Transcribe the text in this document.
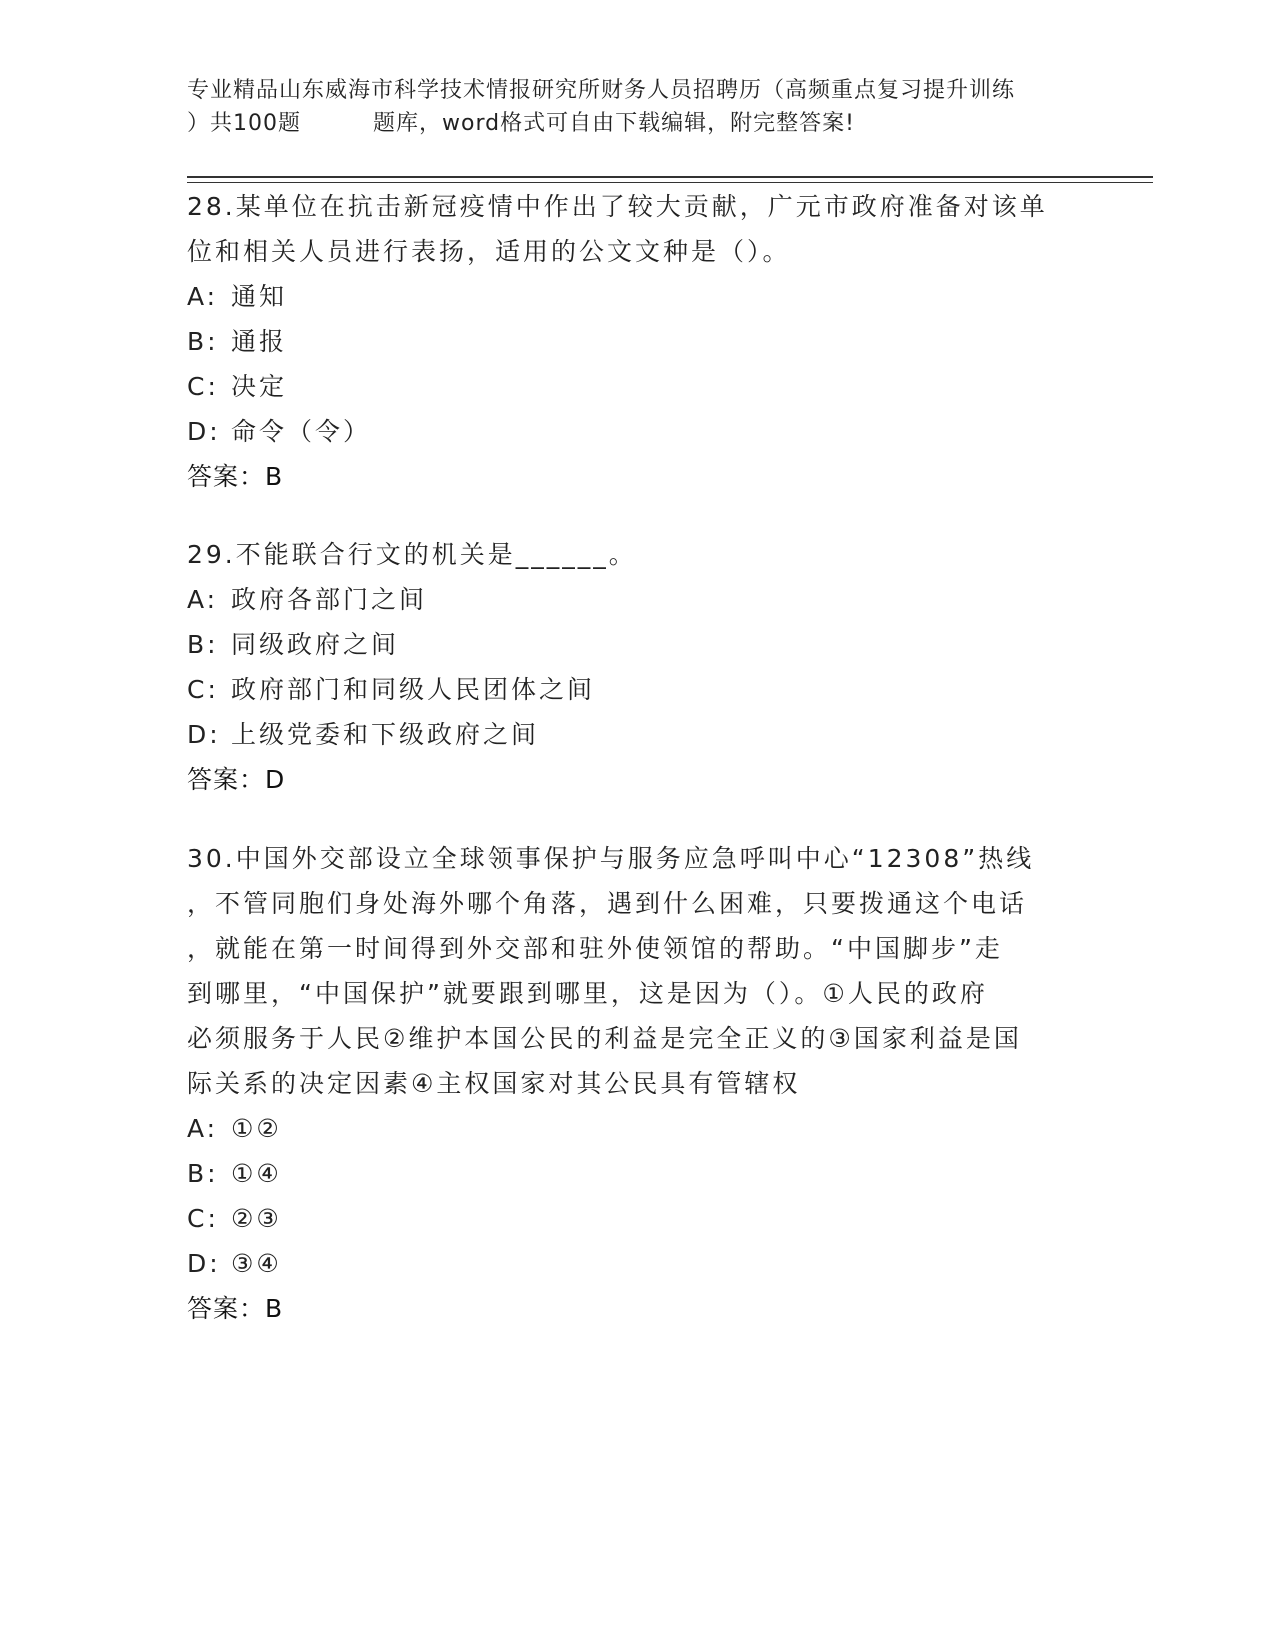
专业精品山东威海市科学技术情报研究所财务人员招聘历（高频重点复习提升训练
）共100题	题库，word格式可自由下载编辑，附完整答案!
28.某单位在抗击新冠疫情中作出了较大贡献，广元市政府准备对该单
位和相关人员进行表扬，适用的公文文种是（）。
A: 通知
B: 通报
C: 决定
D: 命令（令）
答案：B
29.不能联合行文的机关是______。
A: 政府各部门之间
B: 同级政府之间
C: 政府部门和同级人民团体之间
D: 上级党委和下级政府之间
答案：D
30.中国外交部设立全球领事保护与服务应急呼叫中心“12308”热线
，不管同胞们身处海外哪个角落，遇到什么困难，只要拨通这个电话
，就能在第一时间得到外交部和驻外使领馆的帮助。“中国脚步”走
到哪里，“中国保护”就要跟到哪里，这是因为（）。①人民的政府
必须服务于人民②维护本国公民的利益是完全正义的③国家利益是国
际关系的决定因素④主权国家对其公民具有管辖权
A: ①②
B: ①④
C: ②③
D: ③④
答案：B
